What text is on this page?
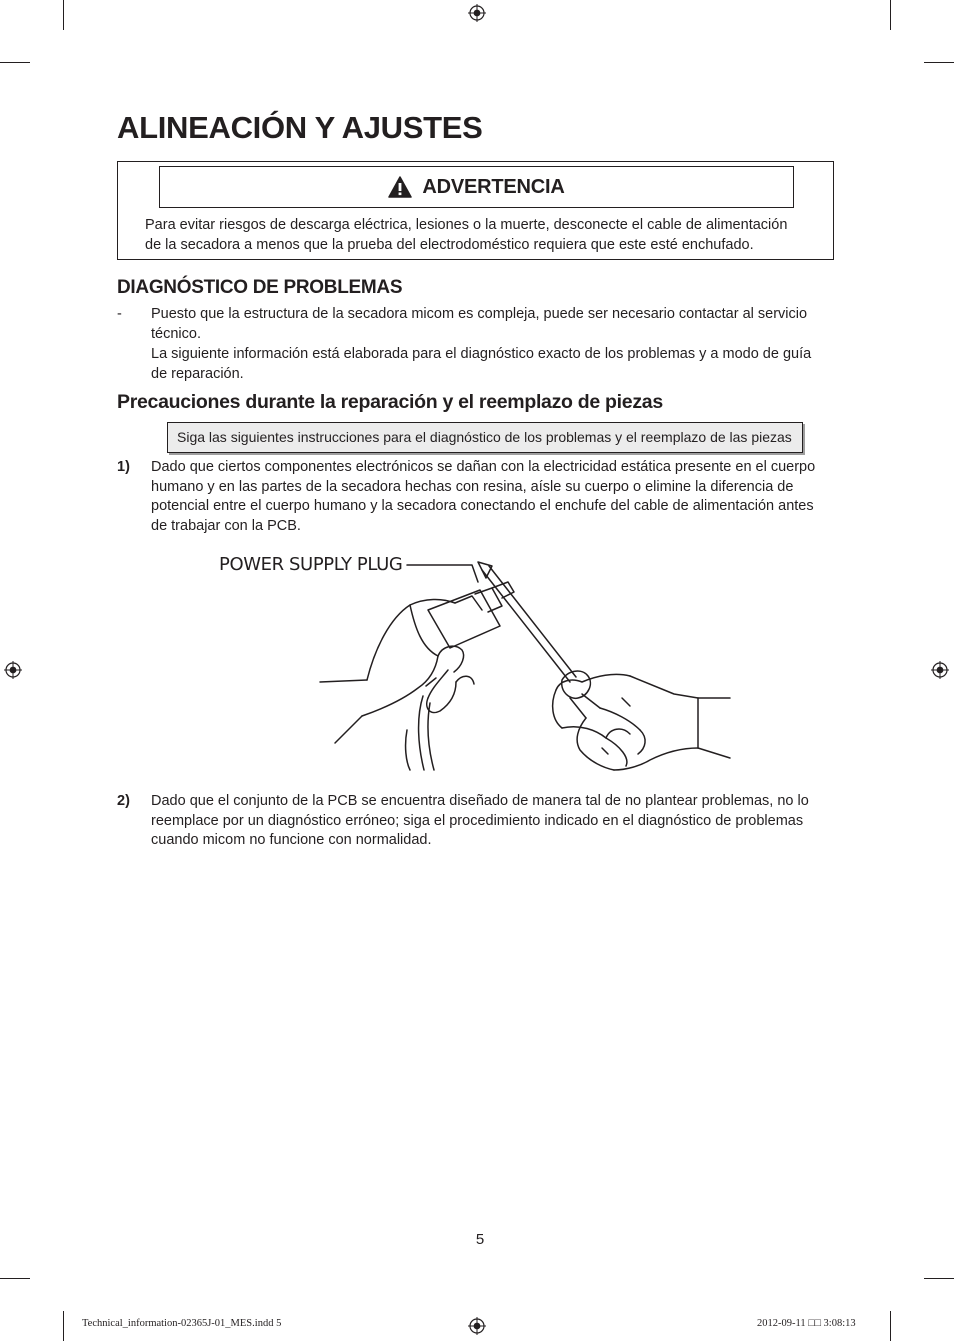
ALINEACIÓN Y AJUSTES
ADVERTENCIA
Para evitar riesgos de descarga eléctrica, lesiones o la muerte, desconecte el cable de alimentación
de la secadora a menos que la prueba del electrodoméstico requiera que este esté enchufado.
DIAGNÓSTICO DE PROBLEMAS
- Puesto que la estructura de la secadora micom es compleja, puede ser necesario contactar al servicio
técnico.
La siguiente información está elaborada para el diagnóstico exacto de los problemas y a modo de guía
de reparación.
Precauciones durante la reparación y el reemplazo de piezas
Siga las siguientes instrucciones para el diagnóstico de los problemas y el reemplazo de las piezas
1) Dado que ciertos componentes electrónicos se dañan con la electricidad estática presente en el cuerpo
humano y en las partes de la secadora hechas con resina, aísle su cuerpo o elimine la diferencia de
potencial entre el cuerpo humano y la secadora conectando el enchufe del cable de alimentación antes
de trabajar con la PCB.
POWER SUPPLY PLUG
2) Dado que el conjunto de la PCB se encuentra diseñado de manera tal de no plantear problemas, no lo
reemplace por un diagnóstico erróneo; siga el procedimiento indicado en el diagnóstico de problemas
cuando micom no funcione con normalidad.
5
Technical_information-02365J-01_MES.indd 5	2012-09-11 □□ 3:08:13
